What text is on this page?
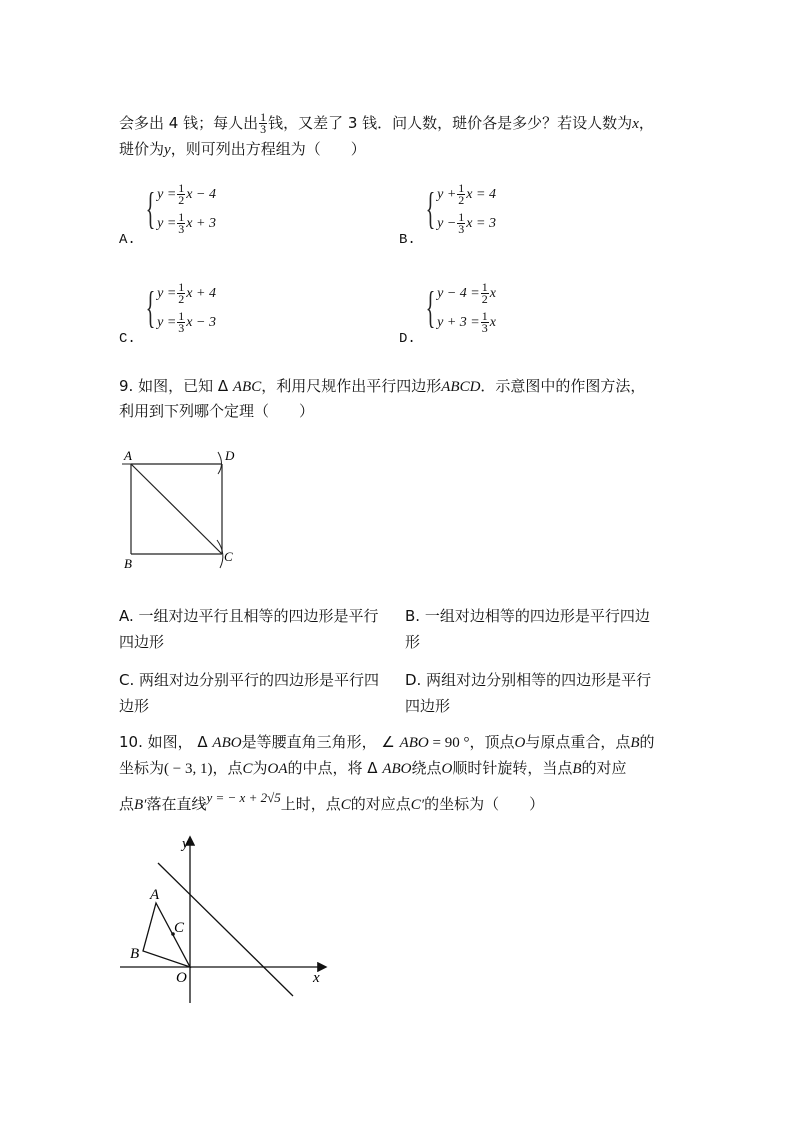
会多出 4 钱；每人出 $\frac{1}{3}$ 钱，又差了 3 钱．问人数，琎价各是多少？若设人数为x，
琎价为y，则可列出方程组为（　　）
A.
{ $y = \frac{1}{2}$ x − 4
$y = \frac{1}{3}$ x + 3
B.
{ $y + \frac{1}{2}$ x = 4
$y - \frac{1}{3}$ x = 3
C.
{ $y = \frac{1}{2}$ x + 4
$y = \frac{1}{3}$ x − 3
D.
{ $y - 4 = \frac{1}{2}$ x
$y + 3 = \frac{1}{3}$ x
9. 如图，已知 Δ ABC，利用尺规作出平行四边形ABCD．示意图中的作图方法，
利用到下列哪个定理（　　）
A	D
B	C
A. 一组对边平行且相等的四边形是平行
四边形
B. 一组对边相等的四边形是平行四边
形
C. 两组对边分别平行的四边形是平行四
边形
D. 两组对边分别相等的四边形是平行
四边形
10. 如图， Δ ABO是等腰直角三角形， ∠ ABO = 90 °，顶点O与原点重合，点B的
坐标为( − 3, 1)，点C为OA的中点，将 Δ ABO绕点O顺时针旋转，当点B的对应
点B′落在直线y = − x + 2√5上时，点C的对应点C′的坐标为（　　）
y
x
A
B
C
O
